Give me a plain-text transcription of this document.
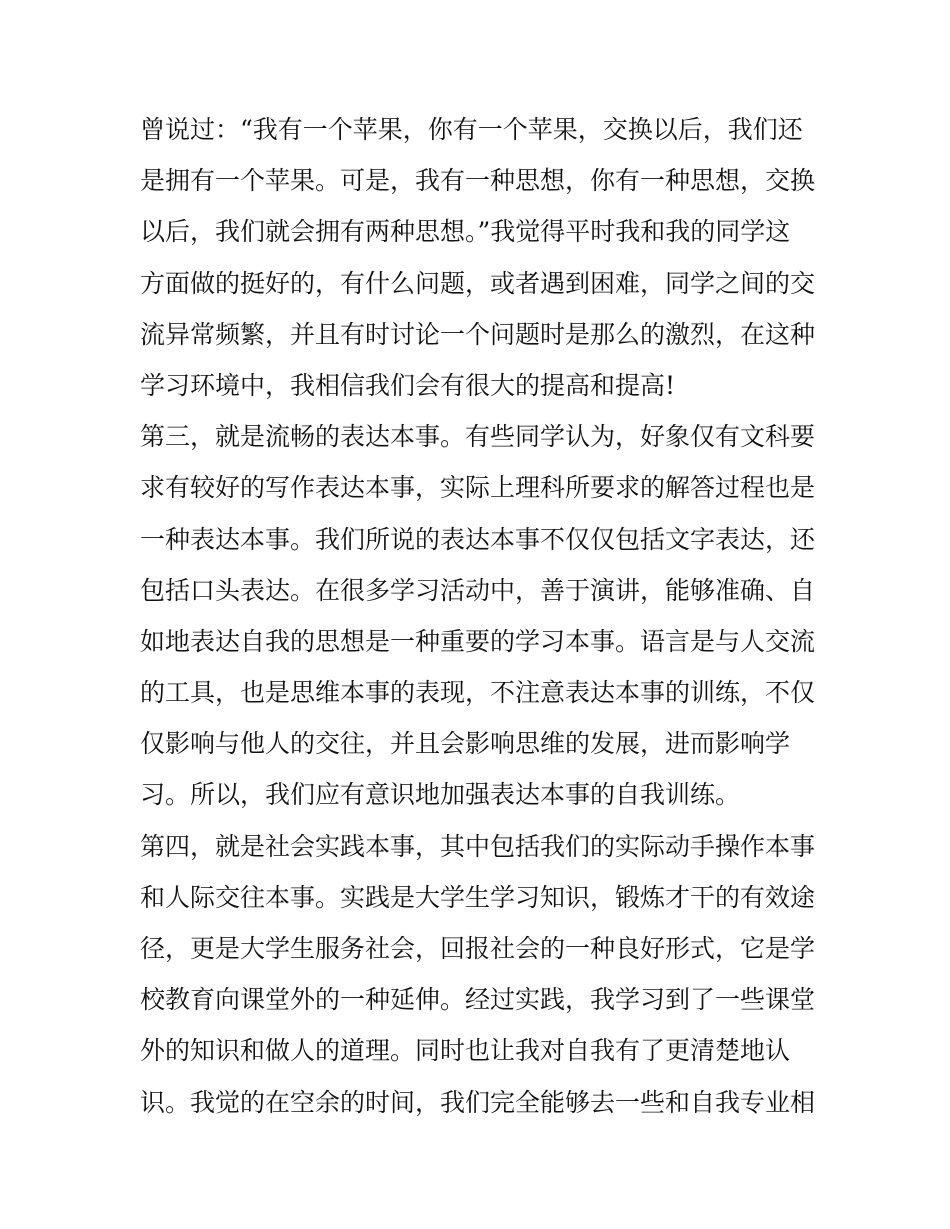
曾说过：“我有一个苹果，你有一个苹果，交换以后，我们还
是拥有一个苹果。可是，我有一种思想，你有一种思想，交换
以后，我们就会拥有两种思想。”我觉得平时我和我的同学这
方面做的挺好的，有什么问题，或者遇到困难，同学之间的交
流异常频繁，并且有时讨论一个问题时是那么的激烈，在这种
学习环境中，我相信我们会有很大的提高和提高!
第三，就是流畅的表达本事。有些同学认为，好象仅有文科要
求有较好的写作表达本事，实际上理科所要求的解答过程也是
一种表达本事。我们所说的表达本事不仅仅包括文字表达，还
包括口头表达。在很多学习活动中，善于演讲，能够准确、自
如地表达自我的思想是一种重要的学习本事。语言是与人交流
的工具，也是思维本事的表现，不注意表达本事的训练，不仅
仅影响与他人的交往，并且会影响思维的发展，进而影响学
习。所以，我们应有意识地加强表达本事的自我训练。
第四，就是社会实践本事，其中包括我们的实际动手操作本事
和人际交往本事。实践是大学生学习知识，锻炼才干的有效途
径，更是大学生服务社会，回报社会的一种良好形式，它是学
校教育向课堂外的一种延伸。经过实践，我学习到了一些课堂
外的知识和做人的道理。同时也让我对自我有了更清楚地认
识。我觉的在空余的时间，我们完全能够去一些和自我专业相
